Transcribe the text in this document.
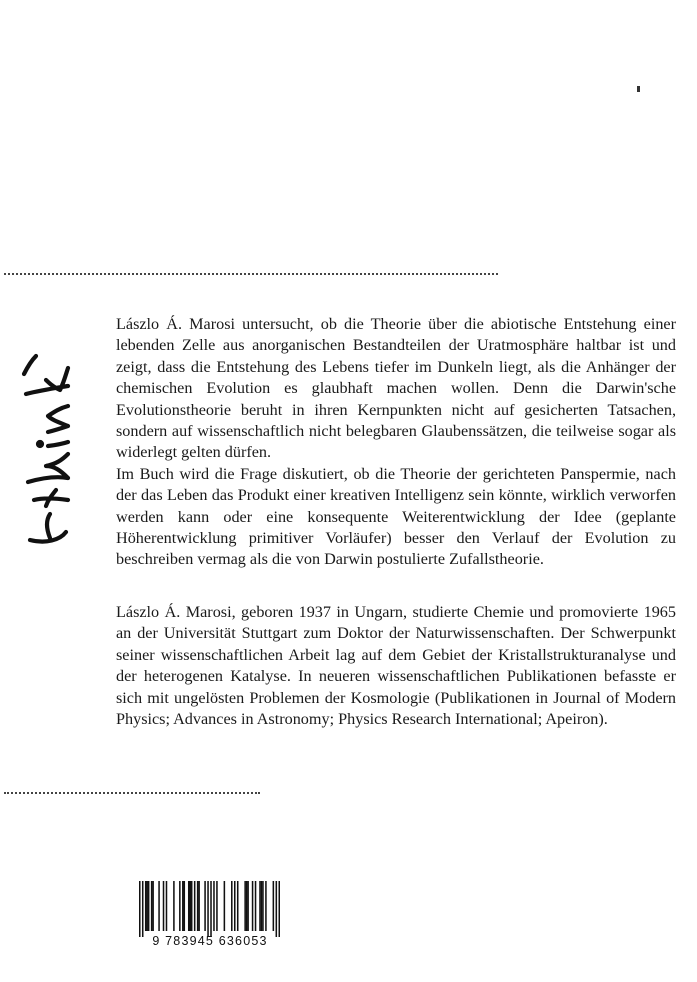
Lászlo Á. Marosi untersucht, ob die Theorie über die abiotische Entstehung einer lebenden Zelle aus anorganischen Bestandteilen der Uratmosphäre haltbar ist und zeigt, dass die Entstehung des Lebens tiefer im Dunkeln liegt, als die Anhänger der chemischen Evolution es glaubhaft machen wollen. Denn die Darwin'sche Evolutionstheorie beruht in ihren Kernpunkten nicht auf gesicherten Tatsachen, sondern auf wissenschaftlich nicht belegbaren Glaubenssätzen, die teilweise sogar als widerlegt gelten dürfen.

Im Buch wird die Frage diskutiert, ob die Theorie der gerichteten Panspermie, nach der das Leben das Produkt einer kreativen Intelligenz sein könnte, wirklich verworfen werden kann oder eine konsequente Weiterentwicklung der Idee (geplante Höherentwicklung primitiver Vorläufer) besser den Verlauf der Evolution zu beschreiben vermag als die von Darwin postulierte Zufallstheorie.

Lászlo Á. Marosi, geboren 1937 in Ungarn, studierte Chemie und promovierte 1965 an der Universität Stuttgart zum Doktor der Naturwissenschaften. Der Schwerpunkt seiner wissenschaftlichen Arbeit lag auf dem Gebiet der Kristallstrukturanalyse und der heterogenen Katalyse. In neueren wissenschaftlichen Publikationen befasste er sich mit ungelösten Problemen der Kosmologie (Publikationen in Journal of Modern Physics; Advances in Astronomy; Physics Research International; Apeiron).

9 783945 636053
